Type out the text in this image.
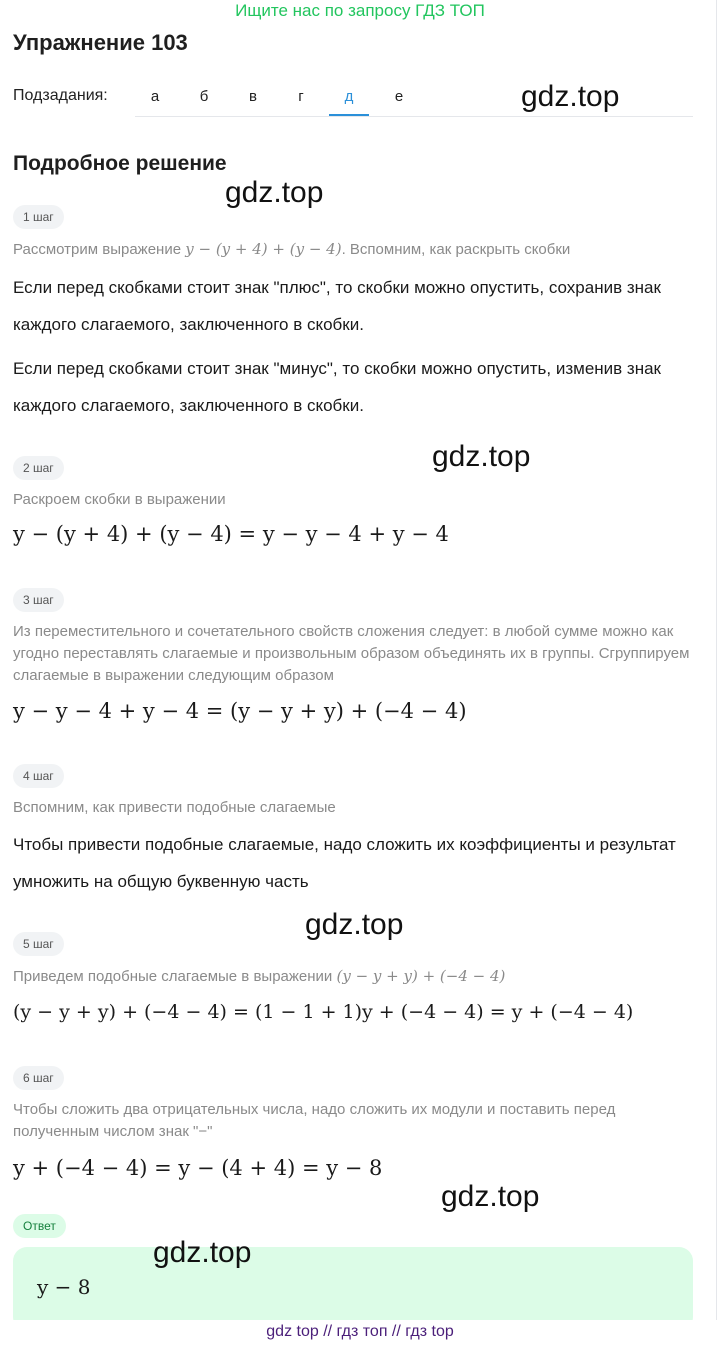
Ищите нас по запросу ГДЗ ТОП
Упражнение 103
Подзадания:	а	б	в	г	д	е	gdz.top
Подробное решение
gdz.top
1 шаг
Рассмотрим выражение y − (y + 4) + (y − 4). Вспомним, как раскрыть скобки
Если перед скобками стоит знак "плюс", то скобки можно опустить, сохранив знак каждого слагаемого, заключенного в скобки.
Если перед скобками стоит знак "минус", то скобки можно опустить, изменив знак каждого слагаемого, заключенного в скобки.
gdz.top
2 шаг
Раскроем скобки в выражении
y − (y + 4) + (y − 4) = y − y − 4 + y − 4
3 шаг
Из переместительного и сочетательного свойств сложения следует: в любой сумме можно как угодно переставлять слагаемые и произвольным образом объединять их в группы. Сгруппируем слагаемые в выражении следующим образом
y − y − 4 + y − 4 = (y − y + y) + (−4 − 4)
4 шаг
Вспомним, как привести подобные слагаемые
Чтобы привести подобные слагаемые, надо сложить их коэффициенты и результат умножить на общую буквенную часть
gdz.top
5 шаг
Приведем подобные слагаемые в выражении (y − y + y) + (−4 − 4)
(y − y + y) + (−4 − 4) = (1 − 1 + 1)y + (−4 − 4) = y + (−4 − 4)
6 шаг
Чтобы сложить два отрицательных числа, надо сложить их модули и поставить перед полученным числом знак "−"
y + (−4 − 4) = y − (4 + 4) = y − 8
gdz.top
Ответ
y − 8
gdz.top
gdz top // гдз топ // гдз top
